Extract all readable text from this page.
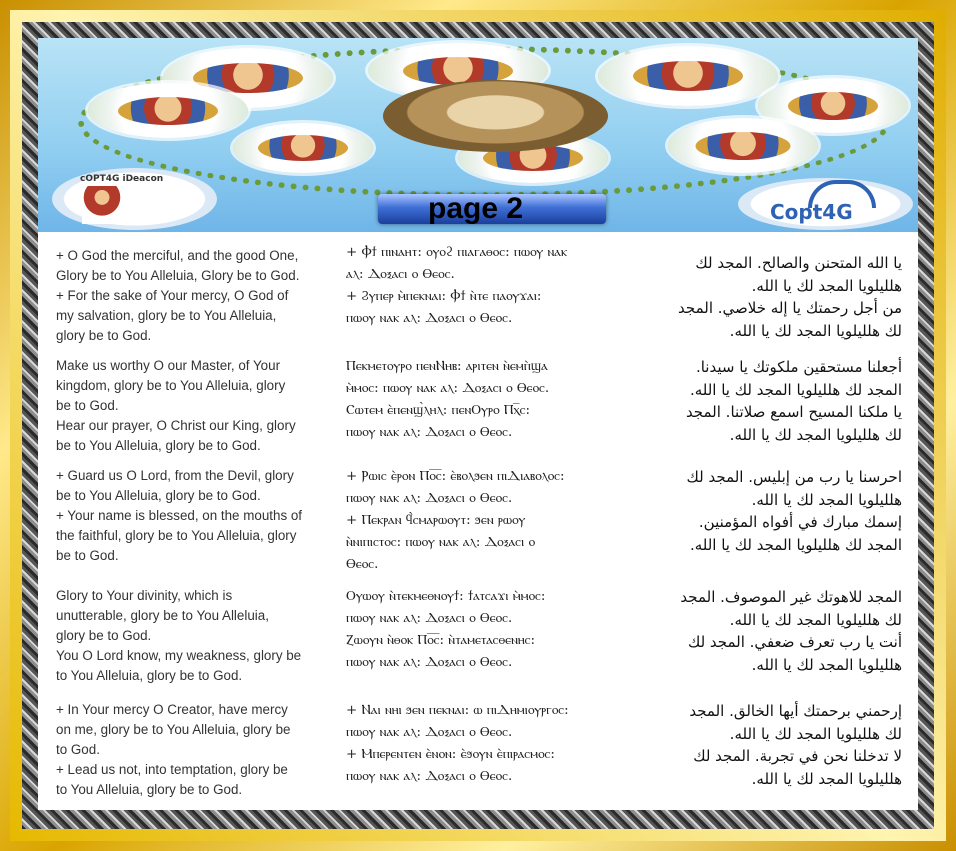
cOPT4G iDeacon
Copt4G
page 2
+ O God the merciful, and the good One,
Glory be to You Alleluia, Glory be to God.
+ For the sake of Your mercy, O God of
my salvation, glory be to You Alleluia,
glory be to God.
+ Ⲫϯ ⲡⲓⲛⲁⲏⲧ: ⲟⲩⲟϩ ⲡⲓⲁⲅⲁⲑⲟⲥ: ⲡⲱⲟⲩ ⲛⲁⲕ
ⲁⲗ: Ⲇⲟⲝⲁⲥⲓ ⲟ Ⲑⲉⲟⲥ.
+ Ϩⲩⲡⲉⲣ ⲙ̀ⲡⲉⲕⲛⲁⲓ: Ⲫϯ ⲛ̀ⲧⲉ ⲡⲁⲟⲩϫⲁⲓ:
ⲡⲱⲟⲩ ⲛⲁⲕ ⲁⲗ: Ⲇⲟⲝⲁⲥⲓ ⲟ Ⲑⲉⲟⲥ.
يا الله المتحنن والصالح. المجد لك
هلليلويا المجد لك يا الله.
من أجل رحمتك يا إله خلاصي. المجد
لك هلليلويا المجد لك يا الله.
Make us worthy O our Master, of Your
kingdom, glory be to You Alleluia, glory
be to God.
Hear our prayer, O Christ our King, glory
be to You Alleluia, glory be to God.
Ⲡⲉⲕⲙⲉⲧⲟⲩⲣⲟ ⲡⲉⲛⲚⲏⲃ: ⲁⲣⲓⲧⲉⲛ ⲛ̀ⲉⲙⲡ̀ϣⲁ
ⲙ̀ⲙⲟⲥ: ⲡⲱⲟⲩ ⲛⲁⲕ ⲁⲗ: Ⲇⲟⲝⲁⲥⲓ ⲟ Ⲑⲉⲟⲥ.
Ⲥⲱⲧⲉⲙ ⲉ̀ⲡⲉⲛϣ̀ⲗⲏⲗ: ⲡⲉⲛⲞⲩⲣⲟ Ⲡⲭ̅ⲥ:
ⲡⲱⲟⲩ ⲛⲁⲕ ⲁⲗ: Ⲇⲟⲝⲁⲥⲓ ⲟ Ⲑⲉⲟⲥ.
أجعلنا مستحقين ملكوتك يا سيدنا.
المجد لك هلليلويا المجد لك يا الله.
يا ملكنا المسيح اسمع صلاتنا. المجد
لك هلليلويا المجد لك يا الله.
+ Guard us O Lord, from the Devil, glory
be to You Alleluia, glory be to God.
+ Your name is blessed, on the mouths of
the faithful, glory be to You Alleluia, glory
be to God.
+ Ⲣⲱⲓⲥ ⲉ̀ⲣⲟⲛ Ⲡⲟ̅ⲥ̅: ⲉ̀ⲃⲟⲗϧⲉⲛ ⲡⲓⲆⲓⲁⲃⲟⲗⲟⲥ:
ⲡⲱⲟⲩ ⲛⲁⲕ ⲁⲗ: Ⲇⲟⲝⲁⲥⲓ ⲟ Ⲑⲉⲟⲥ.
+ Ⲡⲉⲕⲣⲁⲛ ϥ̀ⲥⲙⲁⲣⲱⲟⲩⲧ: ϧⲉⲛ ⲣⲱⲟⲩ
ⲛ̀ⲛⲓⲡⲓⲥⲧⲟⲥ: ⲡⲱⲟⲩ ⲛⲁⲕ ⲁⲗ: Ⲇⲟⲝⲁⲥⲓ ⲟ
Ⲑⲉⲟⲥ.
احرسنا يا رب من إبليس. المجد لك
هلليلويا المجد لك يا الله.
إسمك مبارك في أفواه المؤمنين.
المجد لك هلليلويا المجد لك يا الله.
Glory to Your divinity, which is
unutterable, glory be to You Alleluia,
glory be to God.
You O Lord know, my weakness, glory be
to You Alleluia, glory be to God.
Ⲟⲩⲱⲟⲩ ⲛ̀ⲧⲉⲕⲙⲉⲑⲛⲟⲩϯ: ϯⲁⲧⲥⲁϫⲓ ⲙ̀ⲙⲟⲥ:
ⲡⲱⲟⲩ ⲛⲁⲕ ⲁⲗ: Ⲇⲟⲝⲁⲥⲓ ⲟ Ⲑⲉⲟⲥ.
Ⲍⲱⲟⲩⲛ ⲛ̀ⲑⲟⲕ Ⲡⲟ̅ⲥ̅: ⲛ̀ⲧⲁⲙⲉⲧⲁⲥⲑⲉⲛⲏⲥ:
ⲡⲱⲟⲩ ⲛⲁⲕ ⲁⲗ: Ⲇⲟⲝⲁⲥⲓ ⲟ Ⲑⲉⲟⲥ.
المجد للاهوتك غير الموصوف. المجد
لك هلليلويا المجد لك يا الله.
أنت يا رب تعرف ضعفي. المجد لك
هلليلويا المجد لك يا الله.
+ In Your mercy O Creator, have mercy
on me, glory be to You Alleluia, glory be
to God.
+ Lead us not, into temptation, glory be
to You Alleluia, glory be to God.
+ Ⲛⲁⲓ ⲛⲏⲓ ϧⲉⲛ ⲡⲉⲕⲛⲁⲓ: ⲱ ⲡⲓⲆⲏⲙⲓⲟⲩⲣⲅⲟⲥ:
ⲡⲱⲟⲩ ⲛⲁⲕ ⲁⲗ: Ⲇⲟⲝⲁⲥⲓ ⲟ Ⲑⲉⲟⲥ.
+ Ⲙⲡⲉⲣⲉⲛⲧⲉⲛ ⲉ̀ⲛⲟⲛ: ⲉ̀ϧⲟⲩⲛ ⲉ̀ⲡⲓⲣⲁⲥⲙⲟⲥ:
ⲡⲱⲟⲩ ⲛⲁⲕ ⲁⲗ: Ⲇⲟⲝⲁⲥⲓ ⲟ Ⲑⲉⲟⲥ.
إرحمني برحمتك أيها الخالق. المجد
لك هلليلويا المجد لك يا الله.
لا تدخلنا نحن في تجربة. المجد لك
هلليلويا المجد لك يا الله.
